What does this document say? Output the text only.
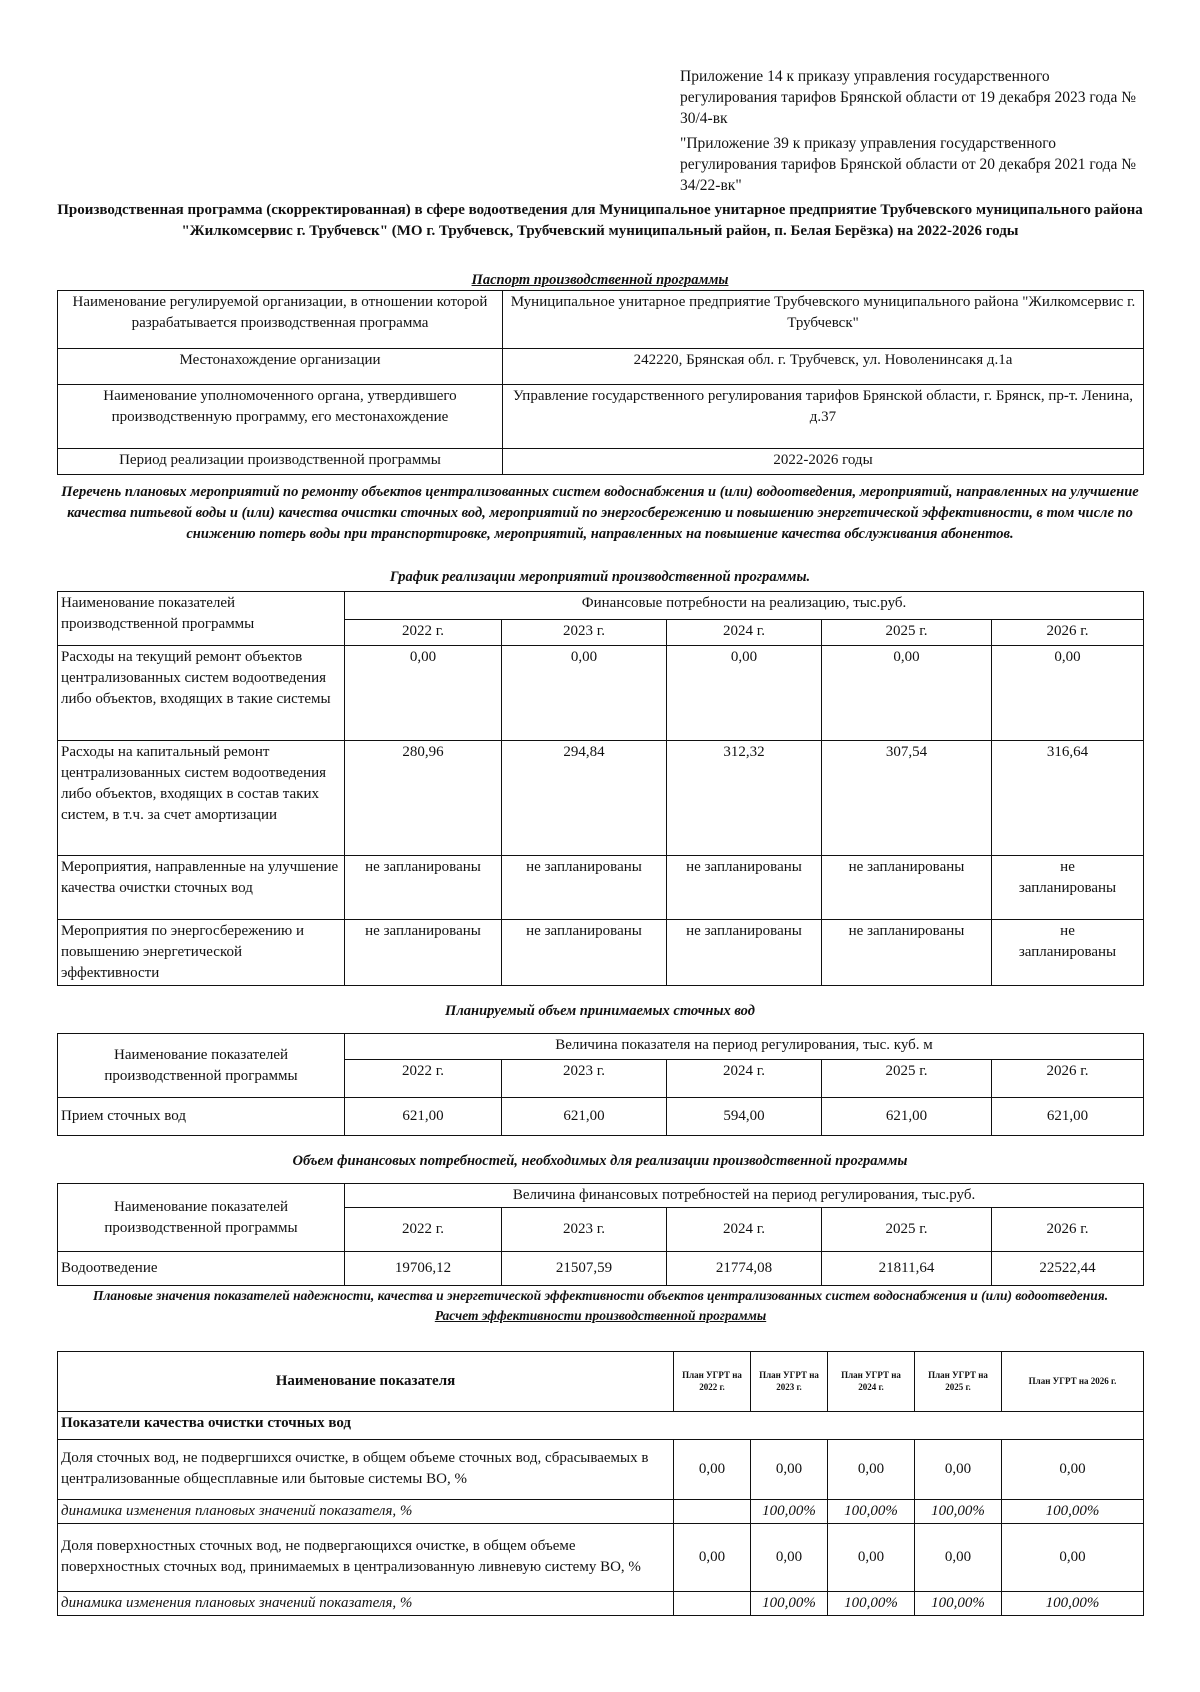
Приложение 14 к приказу управления государственного регулирования тарифов Брянской области от 19 декабря 2023 года № 30/4-вк

"Приложение 39 к приказу управления государственного регулирования тарифов Брянской области от 20 декабря 2021 года № 34/22-вк"

Производственная программа (скорректированная) в сфере водоотведения для Муниципальное унитарное предприятие Трубчевского муниципального района "Жилкомсервис г. Трубчевск" (МО г. Трубчевск, Трубчевский муниципальный район, п. Белая Берёзка) на 2022-2026 годы
Паспорт производственной программы
Наименование регулируемой организации, в отношении которой разрабатывается производственная программа	Муниципальное унитарное предприятие Трубчевского муниципального района "Жилкомсервис г. Трубчевск"
Местонахождение организации	242220, Брянская обл. г. Трубчевск, ул. Новоленинсакя д.1а
Наименование уполномоченного органа, утвердившего производственную программу, его местонахождение	Управление государственного регулирования тарифов Брянской области, г. Брянск, пр-т. Ленина, д.37
Период реализации производственной программы	2022-2026 годы
Перечень плановых мероприятий по ремонту объектов централизованных систем водоснабжения и (или) водоотведения, мероприятий, направленных на улучшение качества питьевой воды и (или) качества очистки сточных вод, мероприятий по энергосбережению и повышению энергетической эффективности, в том числе по снижению потерь воды при транспортировке, мероприятий, направленных на повышение качества обслуживания абонентов.
График реализации мероприятий производственной программы.
Наименование показателей производственной программы	Финансовые потребности на реализацию, тыс.руб.				
	2022 г.	2023 г.	2024 г.	2025 г.	2026 г.
Расходы на текущий ремонт объектов централизованных систем водоотведения либо объектов, входящих в такие системы	0,00	0,00	0,00	0,00	0,00
Расходы на капитальный ремонт централизованных систем водоотведения либо объектов, входящих в состав таких систем, в т.ч. за счет амортизации	280,96	294,84	312,32	307,54	316,64
Мероприятия, направленные на улучшение качества очистки сточных вод	не запланированы	не запланированы	не запланированы	не запланированы	не запланированы
Мероприятия по энергосбережению и повышению энергетической эффективности	не запланированы	не запланированы	не запланированы	не запланированы	не запланированы
Планируемый объем принимаемых сточных вод
Наименование показателей производственной программы	Величина показателя на период регулирования, тыс. куб. м				
	2022 г.	2023 г.	2024 г.	2025 г.	2026 г.
Прием сточных вод	621,00	621,00	594,00	621,00	621,00
Объем финансовых потребностей, необходимых для реализации производственной программы
Наименование показателей производственной программы	Величина финансовых потребностей на период регулирования, тыс.руб.				
	2022 г.	2023 г.	2024 г.	2025 г.	2026 г.
Водоотведение	19706,12	21507,59	21774,08	21811,64	22522,44
Плановые значения показателей надежности, качества и энергетической эффективности объектов централизованных систем водоснабжения и (или) водоотведения.
Расчет эффективности производственной программы					

Наименование показателя	План УГРТ на 2022 г.	План УГРТ на 2023 г.	План УГРТ на 2024 г.	План УГРТ на 2025 г.	План УГРТ на 2026 г.
Показатели качества очистки сточных вод					
Доля сточных вод, не подвергшихся очистке, в общем объеме сточных вод, сбрасываемых в централизованные общесплавные или бытовые системы ВО, %	0,00	0,00	0,00	0,00	0,00
динамика изменения плановых значений показателя, %		100,00%	100,00%	100,00%	100,00%
Доля поверхностных сточных вод, не подвергающихся очистке, в общем объеме поверхностных сточных вод, принимаемых в централизованную ливневую систему ВО, %	0,00	0,00	0,00	0,00	0,00
динамика изменения плановых значений показателя, %		100,00%	100,00%	100,00%	100,00%
